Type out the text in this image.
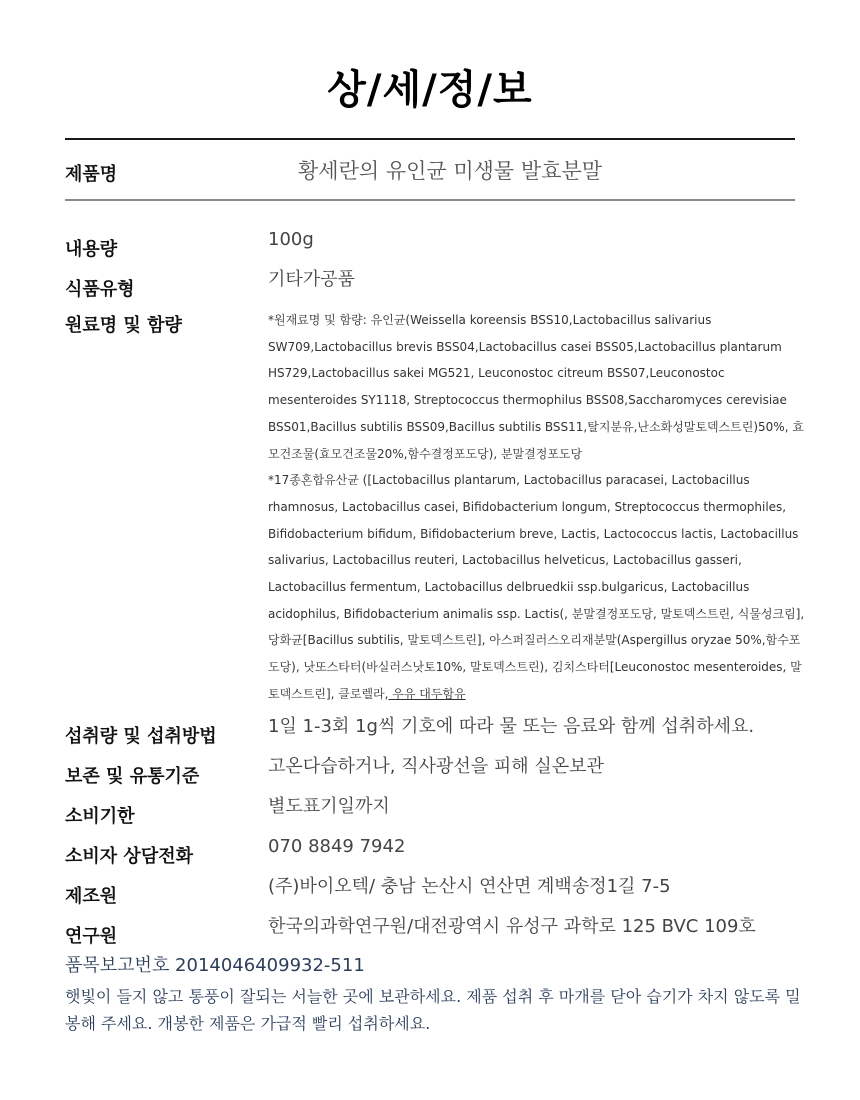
상/세/정/보
제품명	황세란의 유인균 미생물 발효분말
내용량	100g
식품유형	기타가공품
원료명 및 함량	*원재료명 및 함량: 유인균(Weissella koreensis BSS10,Lactobacillus salivarius SW709,Lactobacillus brevis BSS04,Lactobacillus casei BSS05,Lactobacillus plantarum HS729,Lactobacillus sakei MG521, Leuconostoc citreum BSS07,Leuconostoc mesenteroides SY1118, Streptococcus thermophilus BSS08,Saccharomyces cerevisiae BSS01,Bacillus subtilis BSS09,Bacillus subtilis BSS11,탈지분유,난소화성말토덱스트린)50%, 효모건조물(효모건조물20%,함수결정포도당), 분말결정포도당

*17종혼합유산균 ([Lactobacillus plantarum, Lactobacillus paracasei, Lactobacillus rhamnosus, Lactobacillus casei, Bifidobacterium longum, Streptococcus thermophiles, Bifidobacterium bifidum, Bifidobacterium breve, Lactis, Lactococcus lactis, Lactobacillus salivarius, Lactobacillus reuteri, Lactobacillus helveticus, Lactobacillus gasseri, Lactobacillus fermentum, Lactobacillus delbruedkii ssp.bulgaricus, Lactobacillus acidophilus, Bifidobacterium animalis ssp. Lactis(, 분말결정포도당, 말토덱스트린, 식물성크림], 당화균[Bacillus subtilis, 말토덱스트린], 아스퍼질러스오리재분말(Aspergillus oryzae 50%,함수포도당), 낫또스타터(바실러스낫토10%, 말토덱스트린), 김치스타터[Leuconostoc mesenteroides, 말토덱스트린], 클로렐라, 우유 대두함유

섭취량 및 섭취방법	1일 1-3회 1g씩 기호에 따라 물 또는 음료와 함께 섭취하세요.
보존 및 유통기준	고온다습하거나, 직사광선을 피해 실온보관
소비기한	별도표기일까지
소비자 상담전화	070 8849 7942
제조원	(주)바이오텍/ 충남 논산시 연산면 계백송정1길 7-5
연구원	한국의과학연구원/대전광역시 유성구 과학로 125 BVC 109호
품목보고번호 2014046409932-511
햇빛이 들지 않고 통풍이 잘되는 서늘한 곳에 보관하세요. 제품 섭취 후 마개를 닫아 습기가 차지 않도록 밀봉해 주세요. 개봉한 제품은 가급적 빨리 섭취하세요.
